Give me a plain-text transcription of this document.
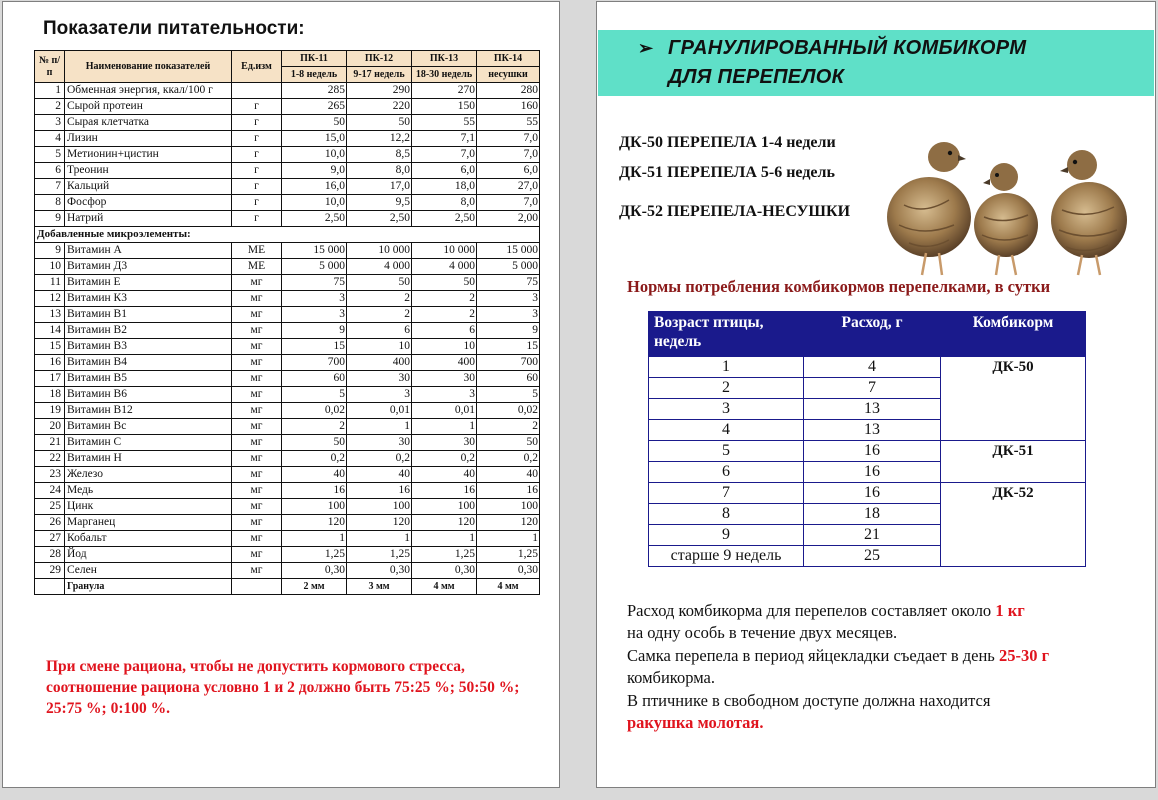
Показатели питательности:
№ п/п	Наименование показателей	Ед.изм	ПК-11	ПК-12	ПК-13	ПК-14
			1-8 недель	9-17 недель	18-30 недель	несушки
1	Обменная энергия, ккал/100 г		285	290	270	280
2	Сырой протеин	г	265	220	150	160
3	Сырая клетчатка	г	50	50	55	55
4	Лизин	г	15,0	12,2	7,1	7,0
5	Метионин+цистин	г	10,0	8,5	7,0	7,0
6	Треонин	г	9,0	8,0	6,0	6,0
7	Кальций	г	16,0	17,0	18,0	27,0
8	Фосфор	г	10,0	9,5	8,0	7,0
9	Натрий	г	2,50	2,50	2,50	2,00
Добавленные микроэлементы:						
9	Витамин А	МЕ	15 000	10 000	10 000	15 000
10	Витамин Д3	МЕ	5 000	4 000	4 000	5 000
11	Витамин Е	мг	75	50	50	75
12	Витамин К3	мг	3	2	2	3
13	Витамин В1	мг	3	2	2	3
14	Витамин В2	мг	9	6	6	9
15	Витамин В3	мг	15	10	10	15
16	Витамин В4	мг	700	400	400	700
17	Витамин В5	мг	60	30	30	60
18	Витамин В6	мг	5	3	3	5
19	Витамин В12	мг	0,02	0,01	0,01	0,02
20	Витамин Вс	мг	2	1	1	2
21	Витамин С	мг	50	30	30	50
22	Витамин Н	мг	0,2	0,2	0,2	0,2
23	Железо	мг	40	40	40	40
24	Медь	мг	16	16	16	16
25	Цинк	мг	100	100	100	100
26	Марганец	мг	120	120	120	120
27	Кобальт	мг	1	1	1	1
28	Йод	мг	1,25	1,25	1,25	1,25
29	Селен	мг	0,30	0,30	0,30	0,30
	Гранула		2 мм	3 мм	4 мм	4 мм
При смене рациона, чтобы не допустить кормового стресса, соотношение рациона условно 1 и 2 должно быть 75:25 %; 50:50 %; 25:75 %; 0:100 %.
➢ ГРАНУЛИРОВАННЫЙ КОМБИКОРМ
ДЛЯ ПЕРЕПЕЛОК
ДК-50 ПЕРЕПЕЛА 1-4 недели
ДК-51 ПЕРЕПЕЛА 5-6 недель
ДК-52 ПЕРЕПЕЛА-НЕСУШКИ
Нормы потребления комбикормов перепелками, в сутки
Возраст птицы, недель	Расход, г	Комбикорм
1	4	ДК-50
2	7	
3	13	
4	13	
5	16	ДК-51
6	16	
7	16	ДК-52
8	18	
9	21	
старше 9 недель	25	
Расход комбикорма для перепелов составляет около 1 кг
на одну особь в течение двух месяцев.
Самка перепела в период яйцекладки съедает в день 25-30 г
комбикорма.
В птичнике в свободном доступе должна находится
ракушка молотая.
